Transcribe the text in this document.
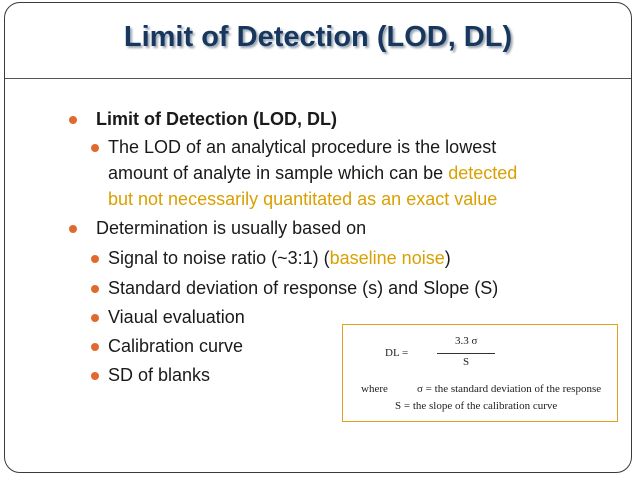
Limit of Detection (LOD, DL)
Limit of Detection (LOD, DL)
The LOD of an analytical procedure is the lowest
amount of analyte in sample which can be detected
but not necessarily quantitated as an exact value
Determination is usually based on
Signal to noise ratio (~3:1) (baseline noise)
Standard deviation of response (s) and Slope (S)
Viaual evaluation
Calibration curve
SD of blanks
DL =
3.3 σ
S
where	σ = the standard deviation of the response
S = the slope of the calibration curve
